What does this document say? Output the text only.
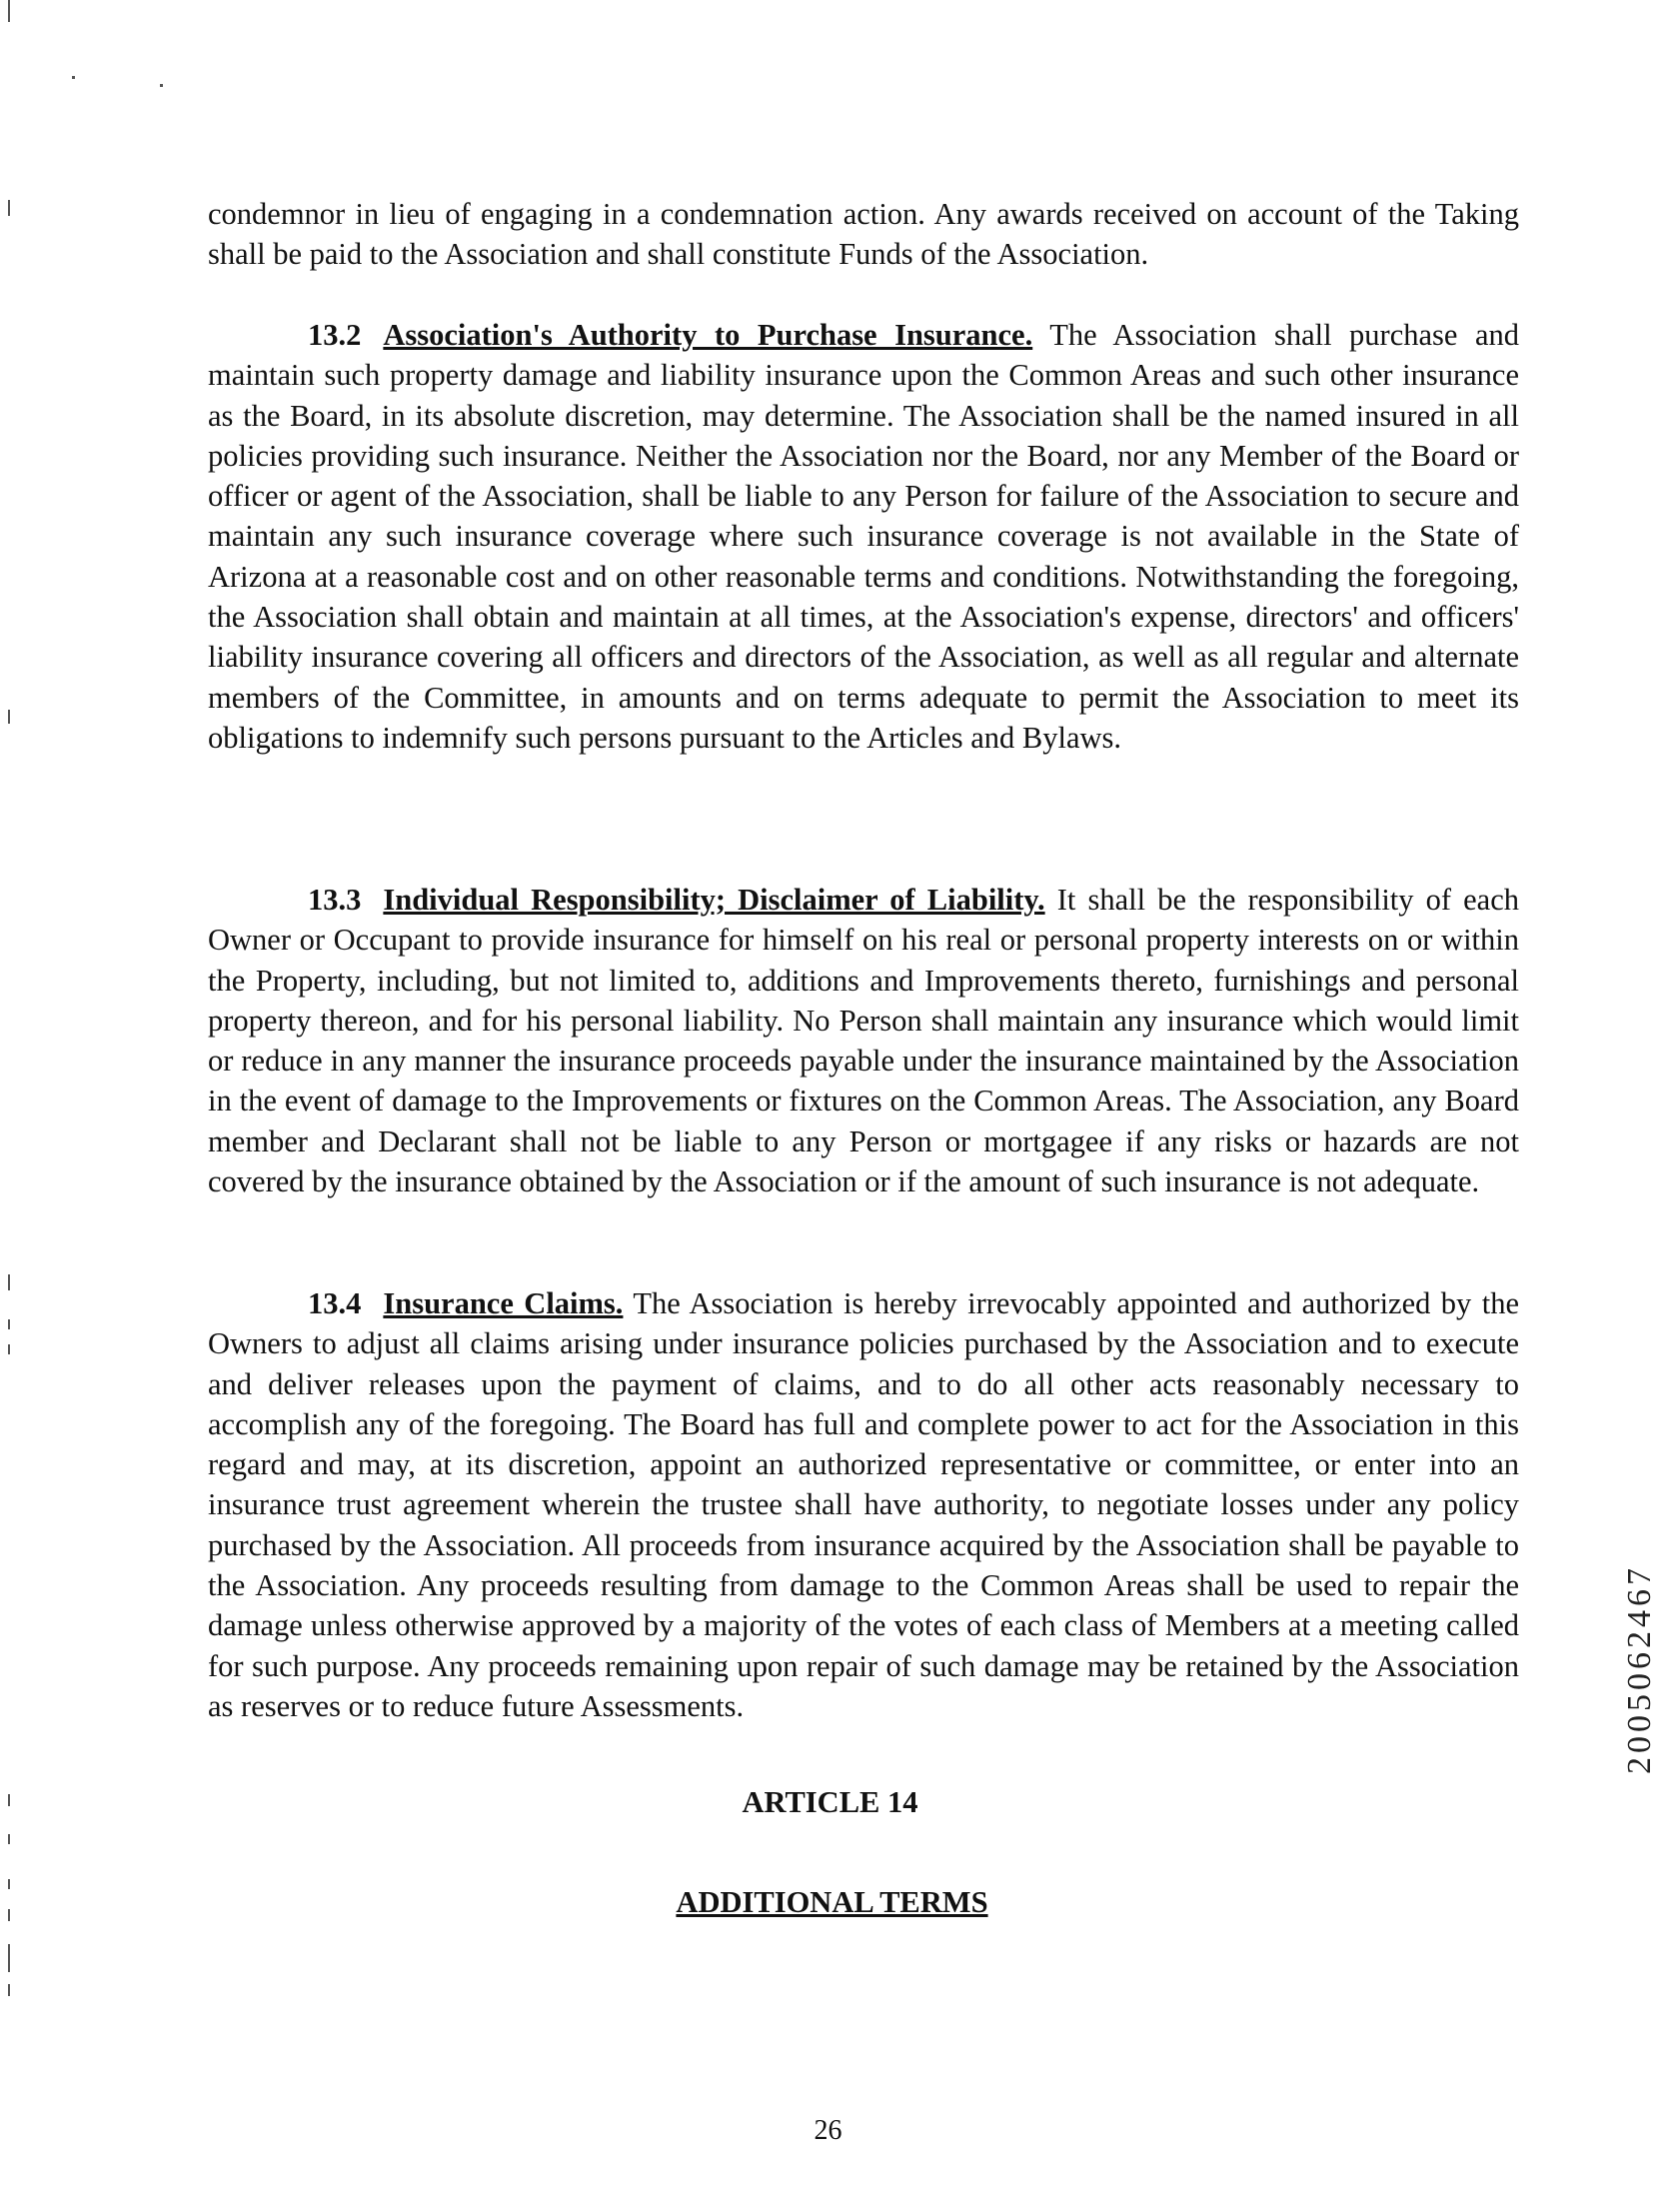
condemnor in lieu of engaging in a condemnation action. Any awards received on account of the Taking shall be paid to the Association and shall constitute Funds of the Association.

13.2 Association's Authority to Purchase Insurance. The Association shall purchase and maintain such property damage and liability insurance upon the Common Areas and such other insurance as the Board, in its absolute discretion, may determine. The Association shall be the named insured in all policies providing such insurance. Neither the Association nor the Board, nor any Member of the Board or officer or agent of the Association, shall be liable to any Person for failure of the Association to secure and maintain any such insurance coverage where such insurance coverage is not available in the State of Arizona at a reasonable cost and on other reasonable terms and conditions. Notwithstanding the foregoing, the Association shall obtain and maintain at all times, at the Association's expense, directors' and officers' liability insurance covering all officers and directors of the Association, as well as all regular and alternate members of the Committee, in amounts and on terms adequate to permit the Association to meet its obligations to indemnify such persons pursuant to the Articles and Bylaws.

13.3 Individual Responsibility; Disclaimer of Liability. It shall be the responsibility of each Owner or Occupant to provide insurance for himself on his real or personal property interests on or within the Property, including, but not limited to, additions and Improvements thereto, furnishings and personal property thereon, and for his personal liability. No Person shall maintain any insurance which would limit or reduce in any manner the insurance proceeds payable under the insurance maintained by the Association in the event of damage to the Improvements or fixtures on the Common Areas. The Association, any Board member and Declarant shall not be liable to any Person or mortgagee if any risks or hazards are not covered by the insurance obtained by the Association or if the amount of such insurance is not adequate.

13.4 Insurance Claims. The Association is hereby irrevocably appointed and authorized by the Owners to adjust all claims arising under insurance policies purchased by the Association and to execute and deliver releases upon the payment of claims, and to do all other acts reasonably necessary to accomplish any of the foregoing. The Board has full and complete power to act for the Association in this regard and may, at its discretion, appoint an authorized representative or committee, or enter into an insurance trust agreement wherein the trustee shall have authority, to negotiate losses under any policy purchased by the Association. All proceeds from insurance acquired by the Association shall be payable to the Association. Any proceeds resulting from damage to the Common Areas shall be used to repair the damage unless otherwise approved by a majority of the votes of each class of Members at a meeting called for such purpose. Any proceeds remaining upon repair of such damage may be retained by the Association as reserves or to reduce future Assessments.

ARTICLE 14
ADDITIONAL TERMS
26
2005062467
